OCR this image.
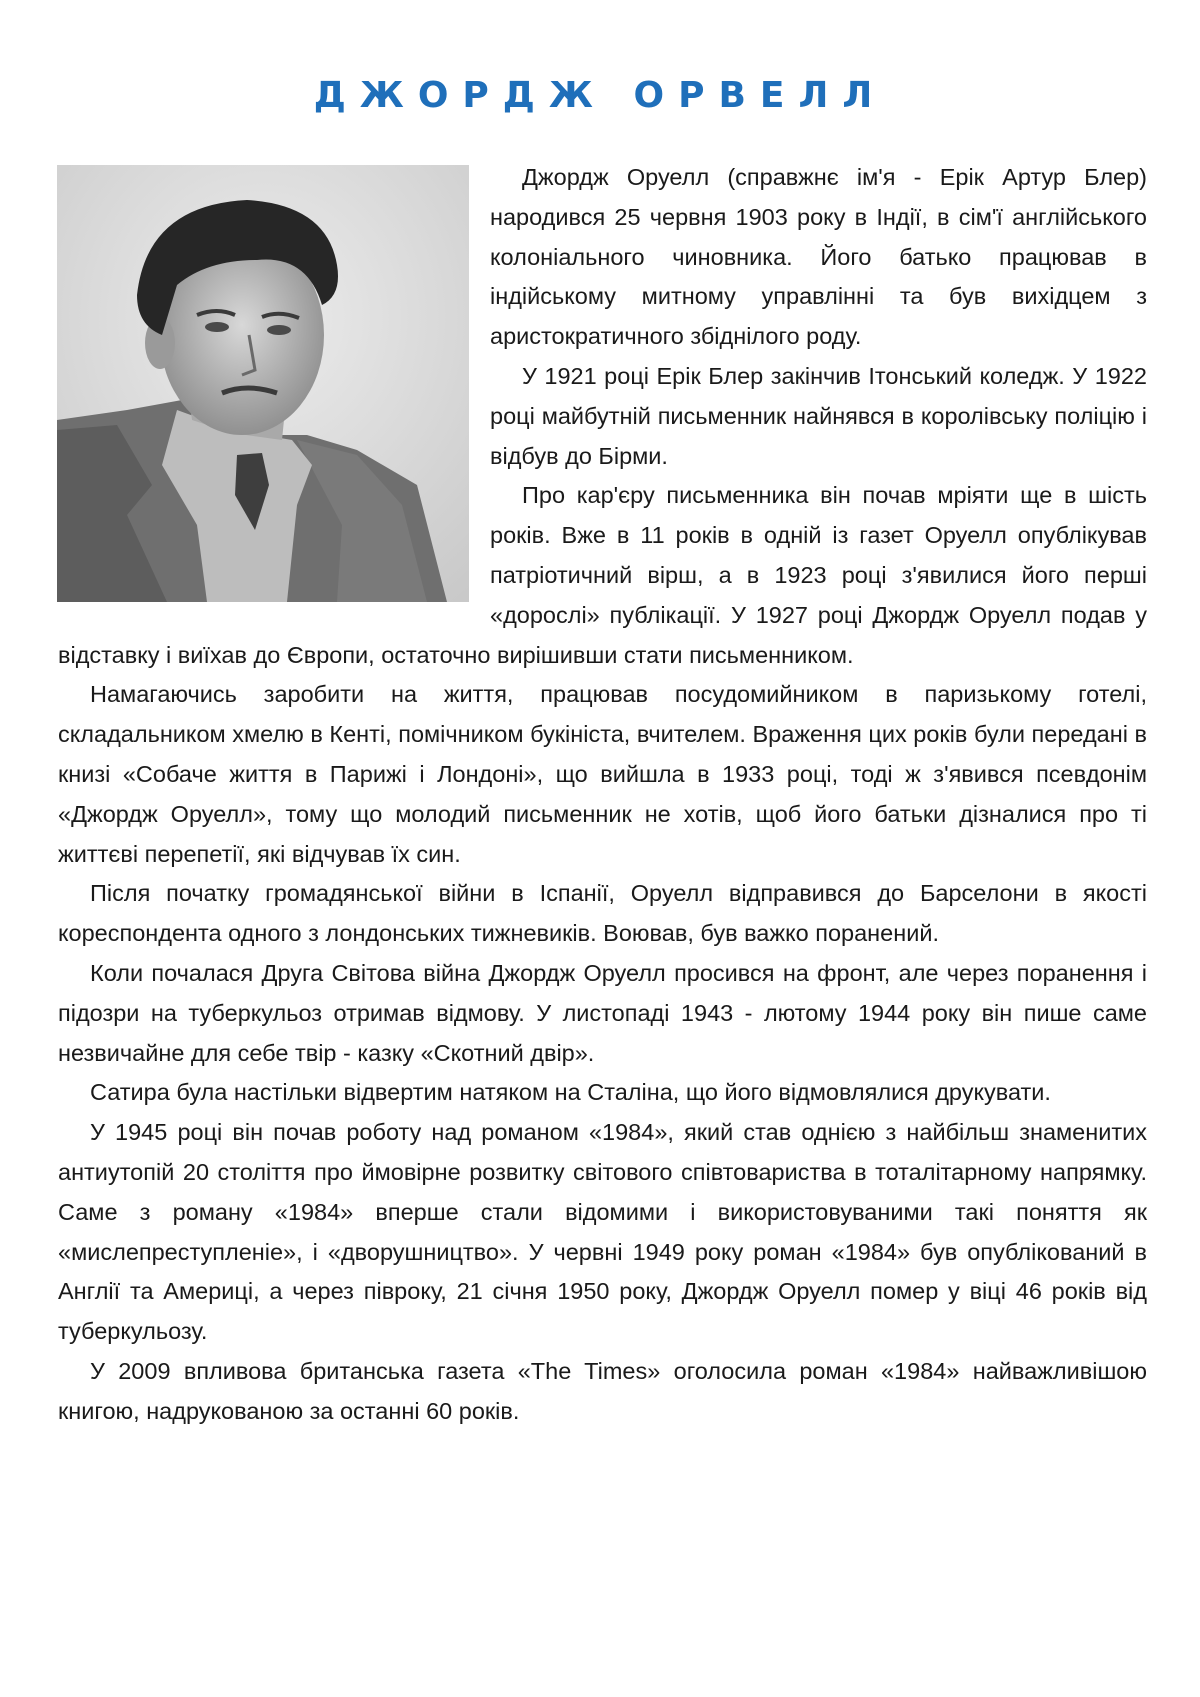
ДЖОРДЖ ОРВЕЛЛ

Джордж Оруелл (справжнє ім'я - Ерік Артур Блер) народився 25 червня 1903 року в Індії, в сім'ї англійського колоніального чиновника. Його батько працював в індійському митному управлінні та був вихідцем з аристократичного збіднілого роду.

У 1921 році Ерік Блер закінчив Ітонський коледж. У 1922 році майбутній письменник найнявся в королівську поліцію і відбув до Бірми.

Про кар'єру письменника він почав мріяти ще в шість років. Вже в 11 років в одній із газет Оруелл опублікував патріотичний вірш, а в 1923 році з'явилися його перші «дорослі» публікації. У 1927 році Джордж Оруелл подав у відставку і виїхав до Європи, остаточно вирішивши стати письменником.

Намагаючись заробити на життя, працював посудомийником в паризькому готелі, складальником хмелю в Кенті, помічником букініста, вчителем. Враження цих років були передані в книзі «Собаче життя в Парижі і Лондоні», що вийшла в 1933 році, тоді ж з'явився псевдонім «Джордж Оруелл», тому що молодий письменник не хотів, щоб його батьки дізналися про ті життєві перепетії, які відчував їх син.

Після початку громадянської війни в Іспанії, Оруелл відправився до Барселони в якості кореспондента одного з лондонських тижневиків. Воював, був важко поранений.

Коли почалася Друга Світова війна Джордж Оруелл просився на фронт, але через поранення і підозри на туберкульоз отримав відмову. У листопаді 1943 - лютому 1944 року він пише саме незвичайне для себе твір - казку «Скотний двір».

Сатира була настільки відвертим натяком на Сталіна, що його відмовлялися друкувати.

У 1945 році він почав роботу над романом «1984», який став однією з найбільш знаменитих антиутопій 20 століття про ймовірне розвитку світового співтовариства в тоталітарному напрямку. Саме з роману «1984» вперше стали відомими і використовуваними такі поняття як «мислепреступленіе», і «дворушництво». У червні 1949 року роман «1984» був опублікований в Англії та Америці, а через півроку, 21 січня 1950 року, Джордж Оруелл помер у віці 46 років від туберкульозу.

У 2009 впливова британська газета «The Times» оголосила роман «1984» найважливішою книгою, надрукованою за останні 60 років.
